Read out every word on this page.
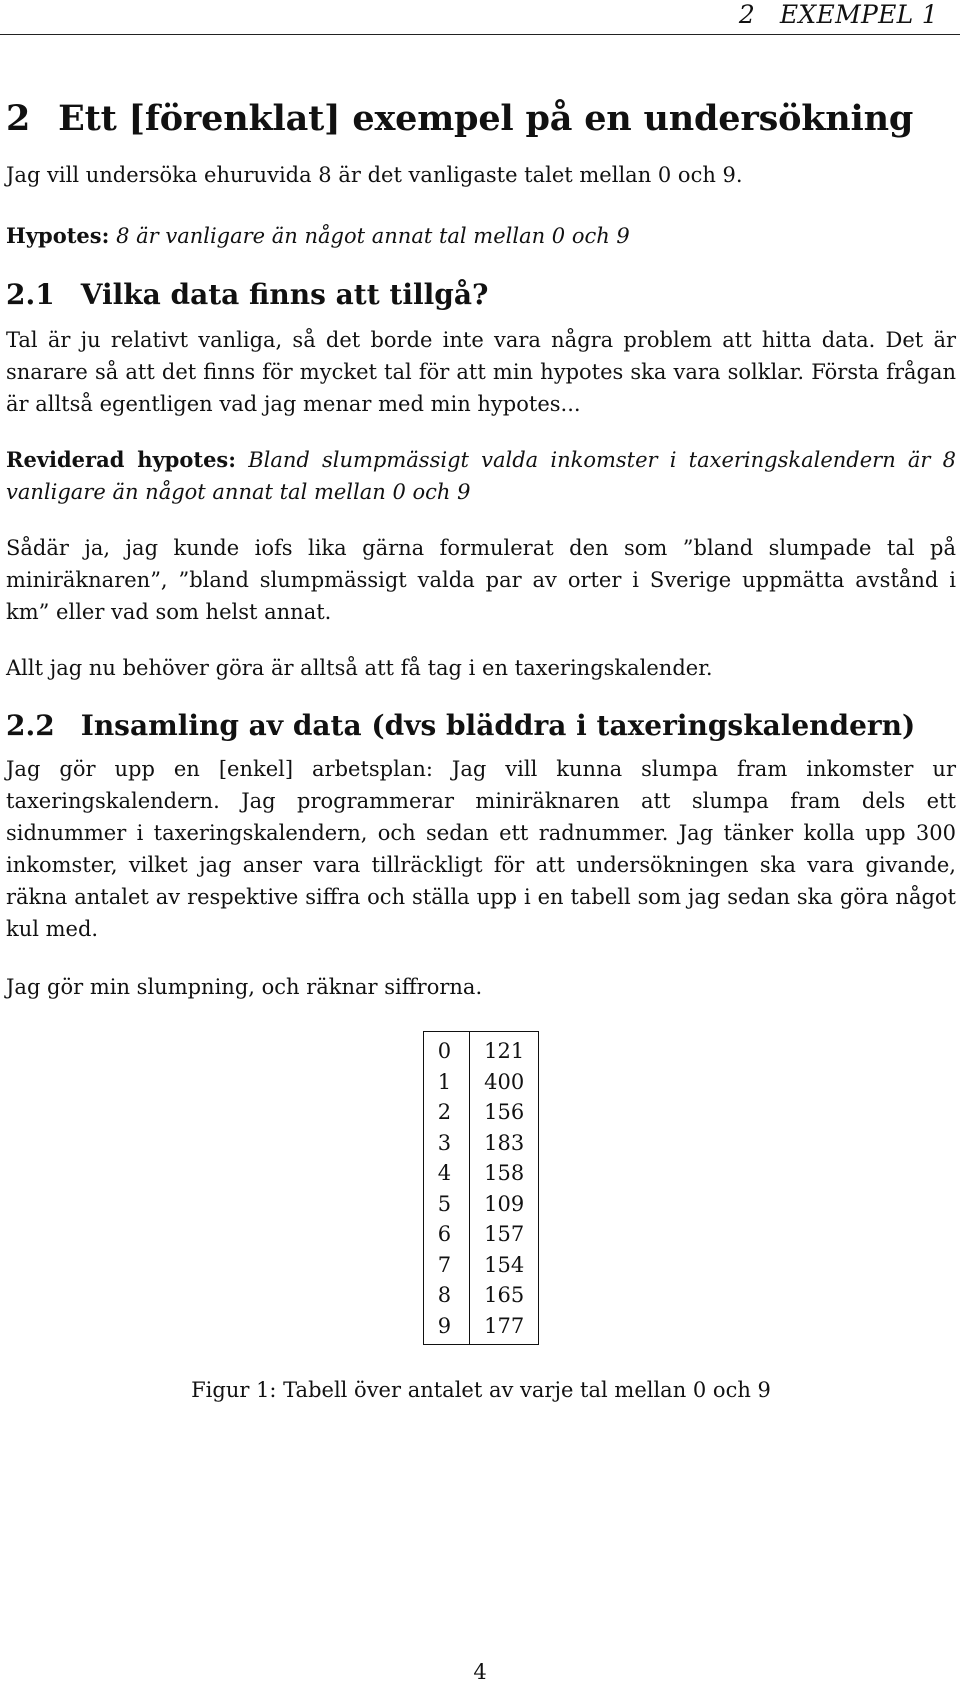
2   EXEMPEL 1
2 Ett [förenklat] exempel på en undersökning

Jag vill undersöka ehuruvida 8 är det vanligaste talet mellan 0 och 9.

Hypotes: 8 är vanligare än något annat tal mellan 0 och 9

2.1 Vilka data finns att tillgå?

Tal är ju relativt vanliga, så det borde inte vara några problem att hitta data. Det är snarare så att det finns för mycket tal för att min hypotes ska vara solklar. Första frågan är alltså egentligen vad jag menar med min hypotes...

Reviderad hypotes: Bland slumpmässigt valda inkomster i taxeringskalendern är 8 vanligare än något annat tal mellan 0 och 9

Sådär ja, jag kunde iofs lika gärna formulerat den som ”bland slumpade tal på miniräknaren”, ”bland slumpmässigt valda par av orter i Sverige uppmätta avstånd i km” eller vad som helst annat.

Allt jag nu behöver göra är alltså att få tag i en taxeringskalender.

2.2 Insamling av data (dvs bläddra i taxeringskalendern)

Jag gör upp en [enkel] arbetsplan: Jag vill kunna slumpa fram inkomster ur taxeringskalendern. Jag programmerar miniräknaren att slumpa fram dels ett sidnummer i taxeringskalendern, och sedan ett radnummer. Jag tänker kolla upp 300 inkomster, vilket jag anser vara tillräckligt för att undersökningen ska vara givande, räkna antalet av respektive siffra och ställa upp i en tabell som jag sedan ska göra något kul med.

Jag gör min slumpning, och räknar siffrorna.

0	121
1	400
2	156
3	183
4	158
5	109
6	157
7	154
8	165
9	177
Figur 1: Tabell över antalet av varje tal mellan 0 och 9
4
